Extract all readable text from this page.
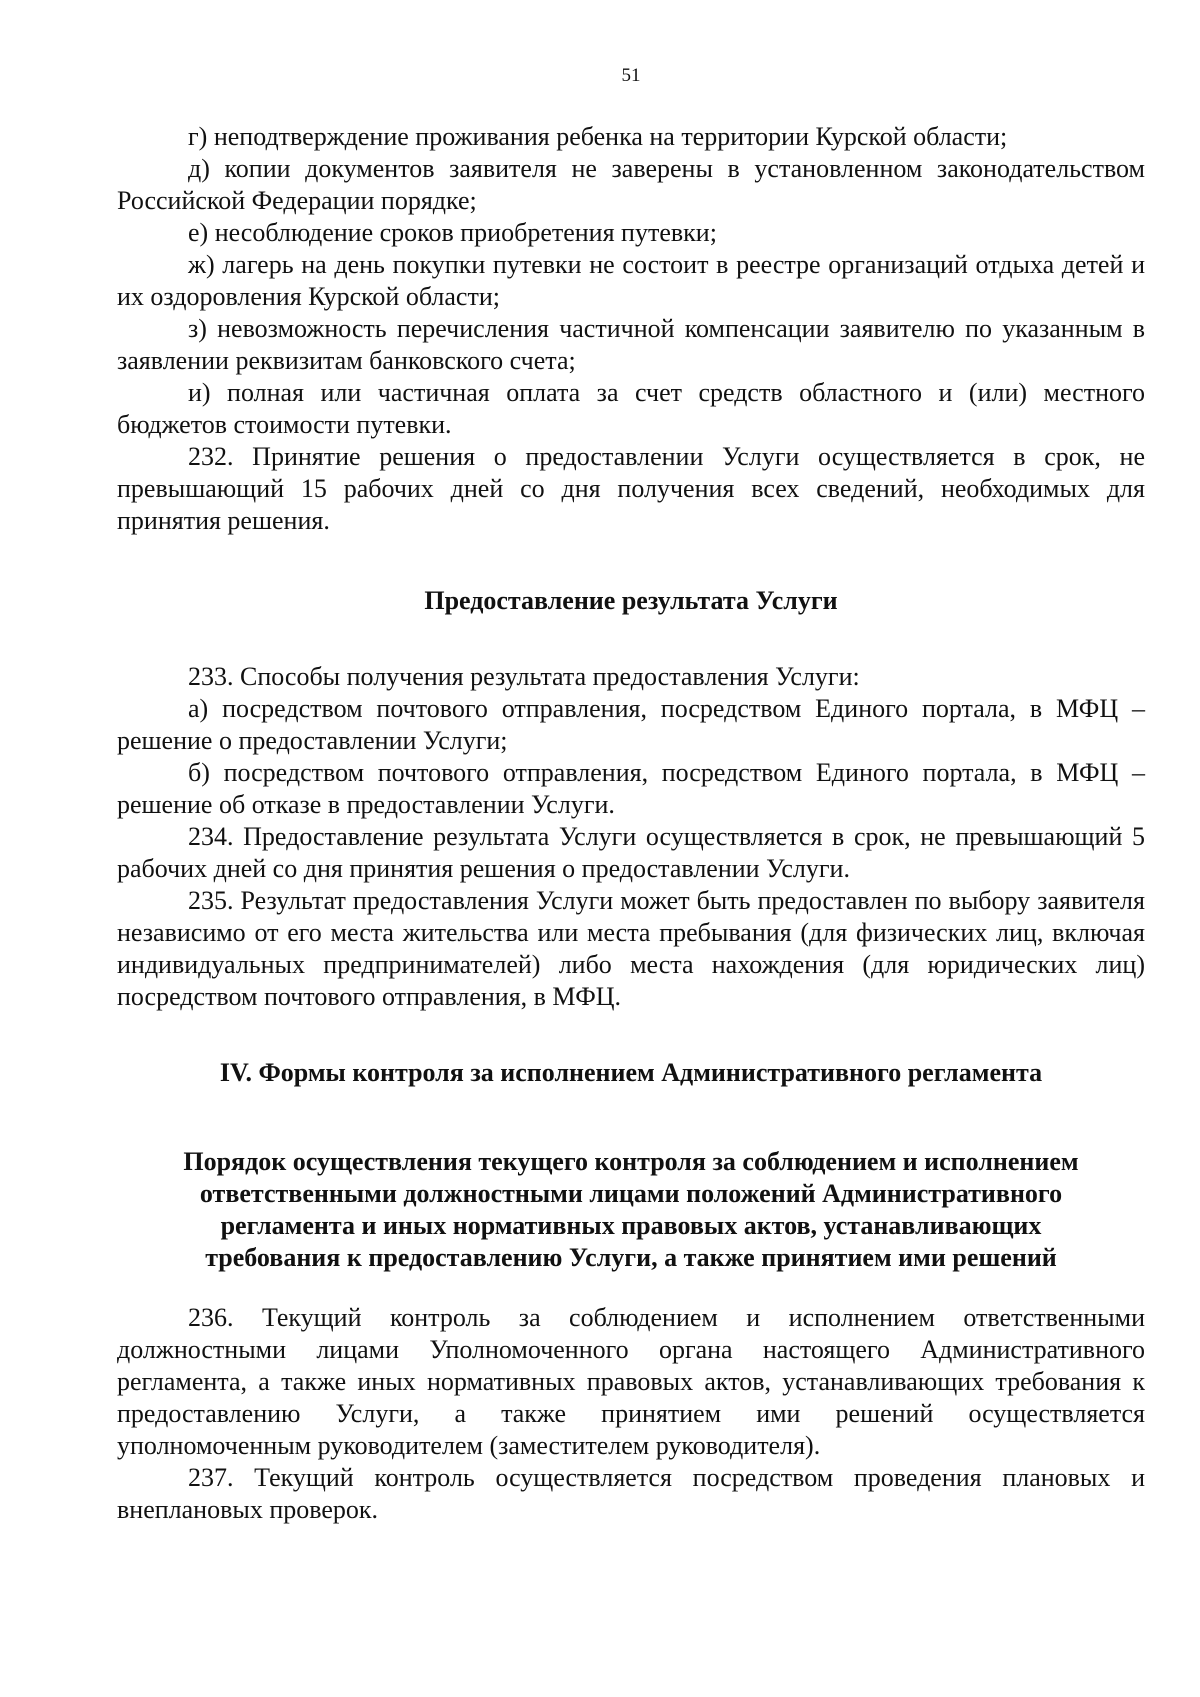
51

г) неподтверждение проживания ребенка на территории Курской области;

д) копии документов заявителя не заверены в установленном законодательством Российской Федерации порядке;

е) несоблюдение сроков приобретения путевки;

ж) лагерь на день покупки путевки не состоит в реестре организаций отдыха детей и их оздоровления Курской области;

з) невозможность перечисления частичной компенсации заявителю по указанным в заявлении реквизитам банковского счета;

и) полная или частичная оплата за счет средств областного и (или) местного бюджетов стоимости путевки.

232. Принятие решения о предоставлении Услуги осуществляется в срок, не превышающий 15 рабочих дней со дня получения всех сведений, необходимых для принятия решения.

Предоставление результата Услуги

233. Способы получения результата предоставления Услуги:

а) посредством почтового отправления, посредством Единого портала, в МФЦ – решение о предоставлении Услуги;

б) посредством почтового отправления, посредством Единого портала, в МФЦ – решение об отказе в предоставлении Услуги.

234. Предоставление результата Услуги осуществляется в срок, не превышающий 5 рабочих дней со дня принятия решения о предоставлении Услуги.

235. Результат предоставления Услуги может быть предоставлен по выбору заявителя независимо от его места жительства или места пребывания (для физических лиц, включая индивидуальных предпринимателей) либо места нахождения (для юридических лиц) посредством почтового отправления, в МФЦ.

IV. Формы контроля за исполнением Административного регламента
Порядок осуществления текущего контроля за соблюдением и исполнением
ответственными должностными лицами положений Административного
регламента и иных нормативных правовых актов, устанавливающих
требования к предоставлению Услуги, а также принятием ими решений

236. Текущий контроль за соблюдением и исполнением ответственными должностными лицами Уполномоченного органа настоящего Административного регламента, а также иных нормативных правовых актов, устанавливающих требования к предоставлению Услуги, а также принятием ими решений осуществляется уполномоченным руководителем (заместителем руководителя).

237. Текущий контроль осуществляется посредством проведения плановых и внеплановых проверок.
